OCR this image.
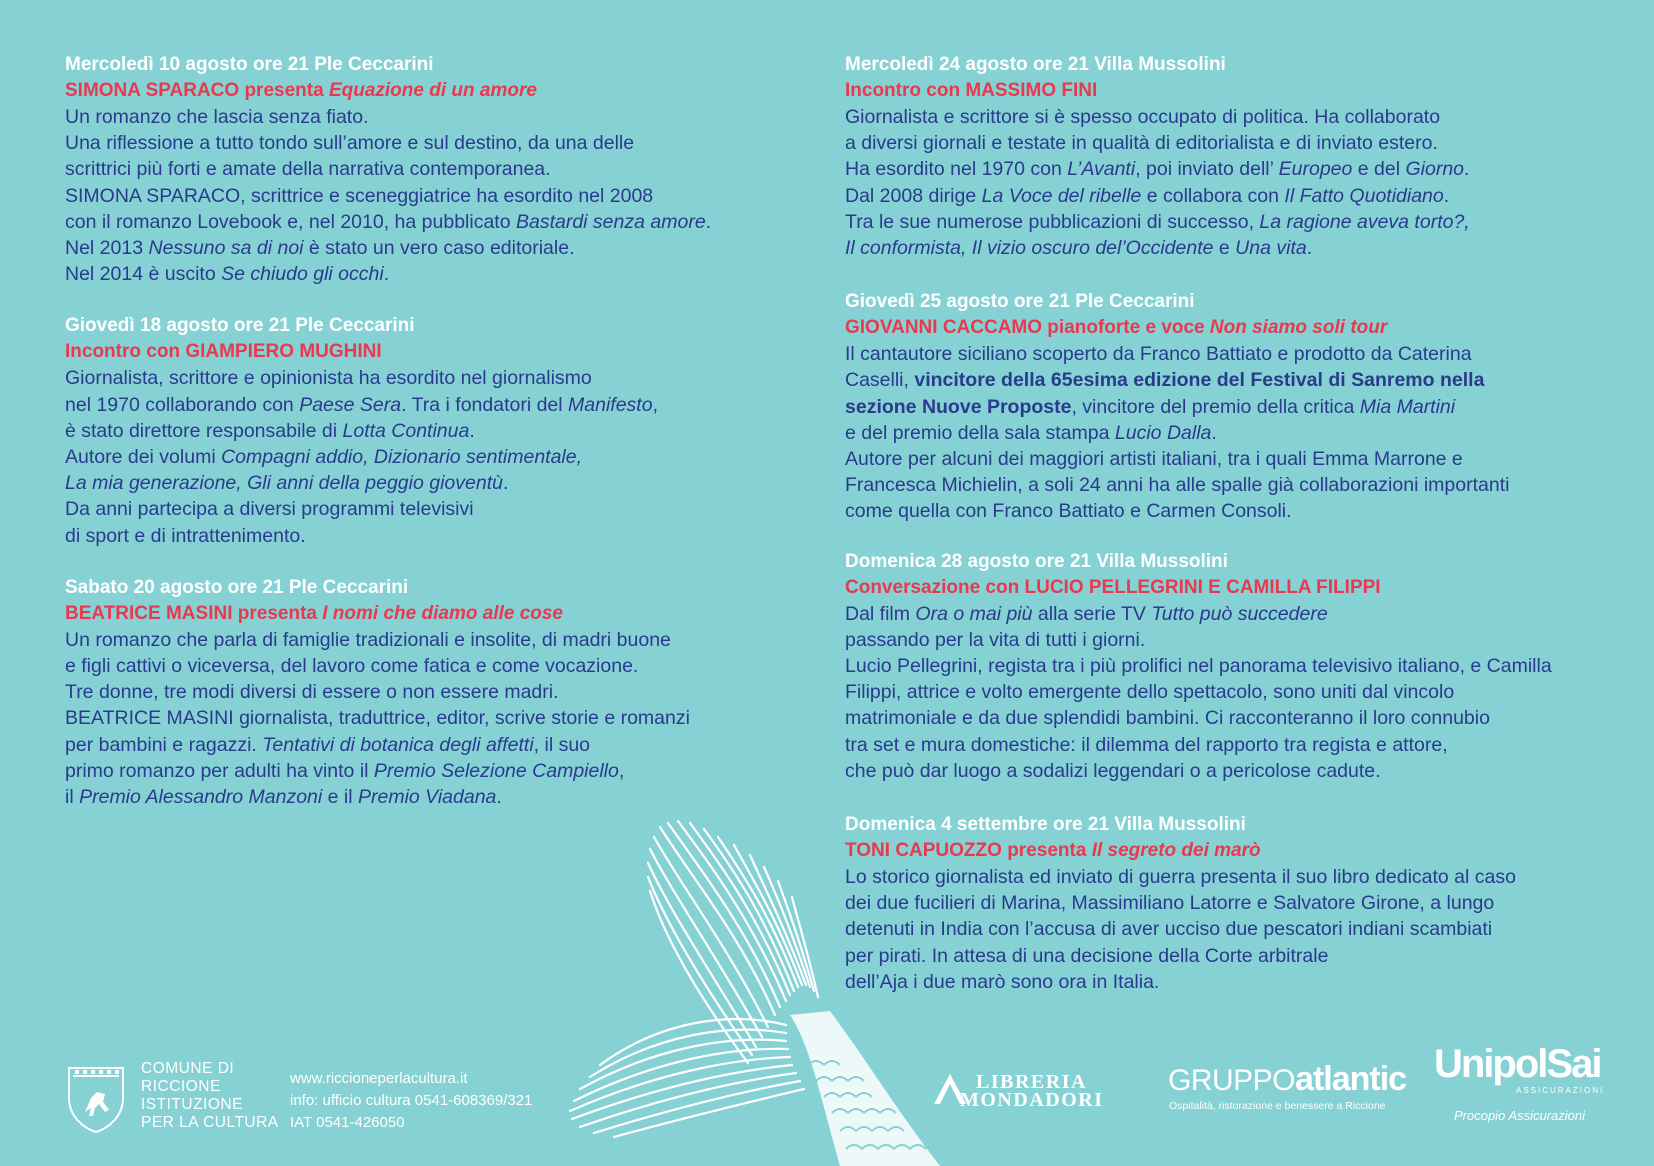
Mercoledì 10 agosto ore 21 Ple Ceccarini
SIMONA SPARACO presenta Equazione di un amore
Un romanzo che lascia senza fiato.
Una riflessione a tutto tondo sull’amore e sul destino, da una delle
scrittrici più forti e amate della narrativa contemporanea.
SIMONA SPARACO, scrittrice e sceneggiatrice ha esordito nel 2008
con il romanzo Lovebook e, nel 2010, ha pubblicato Bastardi senza amore.
Nel 2013 Nessuno sa di noi è stato un vero caso editoriale.
Nel 2014 è uscito Se chiudo gli occhi.
Giovedì 18 agosto ore 21 Ple Ceccarini
Incontro con GIAMPIERO MUGHINI
Giornalista, scrittore e opinionista ha esordito nel giornalismo
nel 1970 collaborando con Paese Sera. Tra i fondatori del Manifesto,
è stato direttore responsabile di Lotta Continua.
Autore dei volumi Compagni addio, Dizionario sentimentale,
La mia generazione, Gli anni della peggio gioventù.
Da anni partecipa a diversi programmi televisivi
di sport e di intrattenimento.
Sabato 20 agosto ore 21 Ple Ceccarini
BEATRICE MASINI presenta I nomi che diamo alle cose
Un romanzo che parla di famiglie tradizionali e insolite, di madri buone
e figli cattivi o viceversa, del lavoro come fatica e come vocazione.
Tre donne, tre modi diversi di essere o non essere madri.
BEATRICE MASINI giornalista, traduttrice, editor, scrive storie e romanzi
per bambini e ragazzi. Tentativi di botanica degli affetti, il suo
primo romanzo per adulti ha vinto il Premio Selezione Campiello,
il Premio Alessandro Manzoni e il Premio Viadana.
Mercoledì 24 agosto ore 21 Villa Mussolini
Incontro con MASSIMO FINI
Giornalista e scrittore si è spesso occupato di politica. Ha collaborato
a diversi giornali e testate in qualità di editorialista e di inviato estero.
Ha esordito nel 1970 con L’Avanti, poi inviato dell’ Europeo e del Giorno.
Dal 2008 dirige La Voce del ribelle e collabora con Il Fatto Quotidiano.
Tra le sue numerose pubblicazioni di successo, La ragione aveva torto?,
Il conformista, Il vizio oscuro del’Occidente e Una vita.
Giovedì 25 agosto ore 21 Ple Ceccarini
GIOVANNI CACCAMO pianoforte e voce Non siamo soli tour
Il cantautore siciliano scoperto da Franco Battiato e prodotto da Caterina
Caselli, vincitore della 65esima edizione del Festival di Sanremo nella
sezione Nuove Proposte, vincitore del premio della critica Mia Martini
e del premio della sala stampa Lucio Dalla.
Autore per alcuni dei maggiori artisti italiani, tra i quali Emma Marrone e
Francesca Michielin, a soli 24 anni ha alle spalle già collaborazioni importanti
come quella con Franco Battiato e Carmen Consoli.
Domenica 28 agosto ore 21 Villa Mussolini
Conversazione con LUCIO PELLEGRINI E CAMILLA FILIPPI
Dal film Ora o mai più alla serie TV Tutto può succedere
passando per la vita di tutti i giorni.
Lucio Pellegrini, regista tra i più prolifici nel panorama televisivo italiano, e Camilla
Filippi, attrice e volto emergente dello spettacolo, sono uniti dal vincolo
matrimoniale e da due splendidi bambini. Ci racconteranno il loro connubio
tra set e mura domestiche: il dilemma del rapporto tra regista e attore,
che può dar luogo a sodalizi leggendari o a pericolose cadute.
Domenica 4 settembre ore 21 Villa Mussolini
TONI CAPUOZZO presenta Il segreto dei marò
Lo storico giornalista ed inviato di guerra presenta il suo libro dedicato al caso
dei due fucilieri di Marina, Massimiliano Latorre e Salvatore Girone, a lungo
detenuti in India con l’accusa di aver ucciso due pescatori indiani scambiati
per pirati. In attesa di una decisione della Corte arbitrale
dell’Aja i due marò sono ora in Italia.
COMUNE DI
RICCIONE
ISTITUZIONE
PER LA CULTURA
www.riccioneperlacultura.it
info: ufficio cultura 0541-608369/321
IAT 0541-426050
LIBRERIA
MONDADORI
GRUPPOatlantic
Ospitalità, ristorazione e benessere a Riccione
UnipolSai
ASSICURAZIONI
Procopio Assicurazioni
